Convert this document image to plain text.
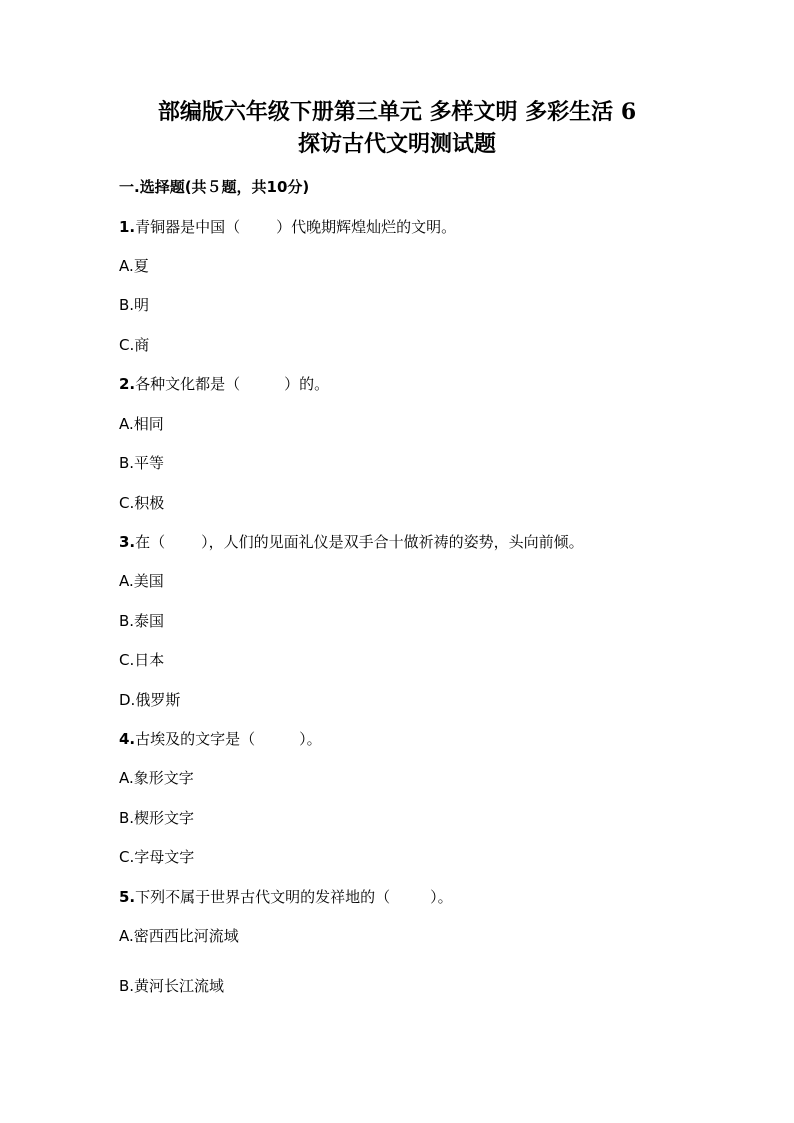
部编版六年级下册第三单元 多样文明 多彩生活 6
探访古代文明测试题
一.选择题(共５题，共10分)
1.青铜器是中国（ ）代晚期辉煌灿烂的文明。
A.夏
B.明
C.商
2.各种文化都是（	）的。
A.相同
B.平等
C.积极
3.在（ ），人们的见面礼仪是双手合十做祈祷的姿势，头向前倾。
A.美国
B.泰国
C.日本
D.俄罗斯
4.古埃及的文字是（	）。
A.象形文字
B.楔形文字
C.字母文字
5.下列不属于世界古代文明的发祥地的（	）。
A.密西西比河流域
B.黄河长江流域
